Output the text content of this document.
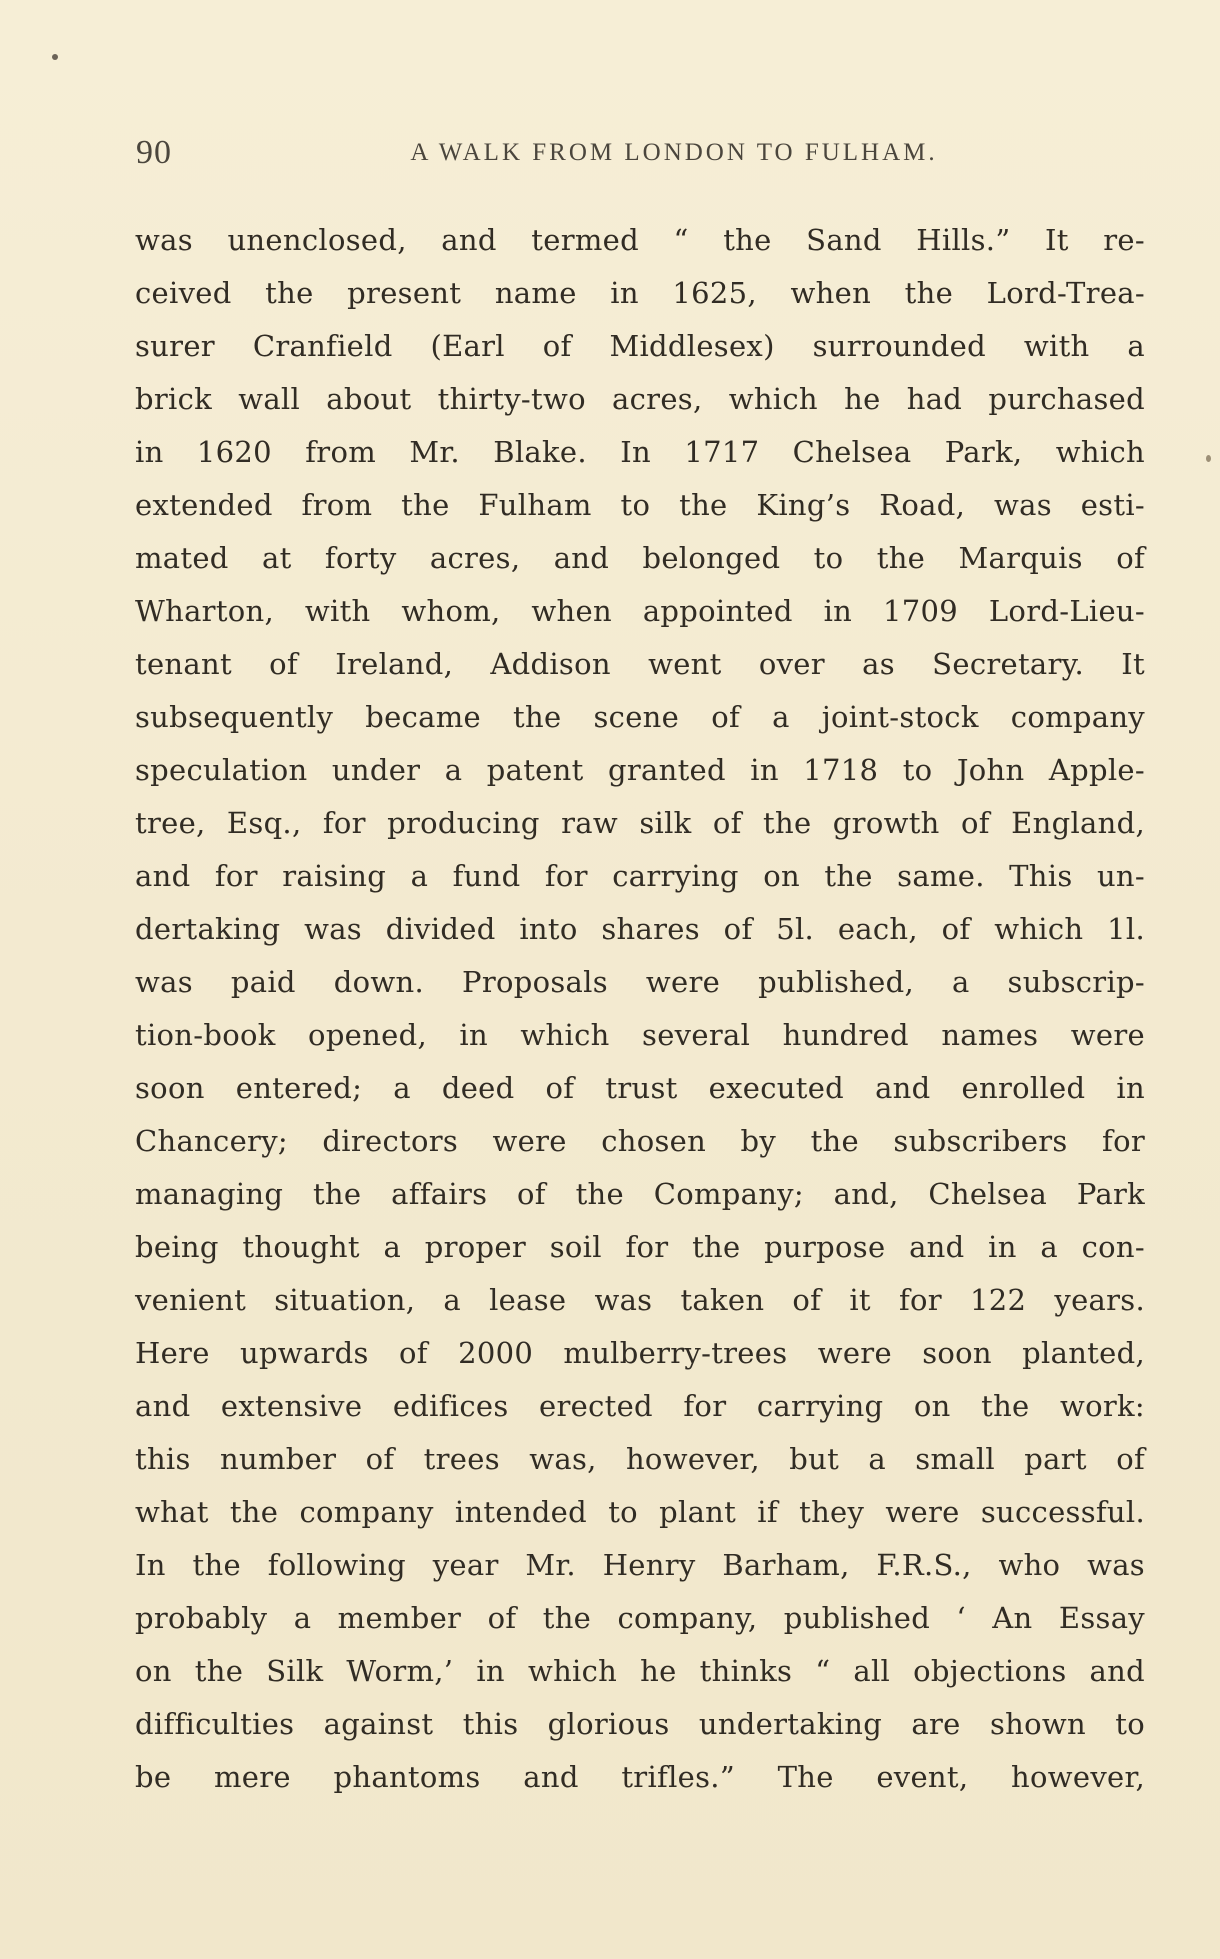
90	A WALK FROM LONDON TO FULHAM.
was unenclosed, and termed “ the Sand Hills.” It re-
ceived the present name in 1625, when the Lord-Trea-
surer Cranfield (Earl of Middlesex) surrounded with a
brick wall about thirty-two acres, which he had purchased
in 1620 from Mr. Blake. In 1717 Chelsea Park, which
extended from the Fulham to the King’s Road, was esti-
mated at forty acres, and belonged to the Marquis of
Wharton, with whom, when appointed in 1709 Lord-Lieu-
tenant of Ireland, Addison went over as Secretary. It
subsequently became the scene of a joint-stock company
speculation under a patent granted in 1718 to John Apple-
tree, Esq., for producing raw silk of the growth of England,
and for raising a fund for carrying on the same. This un-
dertaking was divided into shares of 5l. each, of which 1l.
was paid down. Proposals were published, a subscrip-
tion-book opened, in which several hundred names were
soon entered; a deed of trust executed and enrolled in
Chancery; directors were chosen by the subscribers for
managing the affairs of the Company; and, Chelsea Park
being thought a proper soil for the purpose and in a con-
venient situation, a lease was taken of it for 122 years.
Here upwards of 2000 mulberry-trees were soon planted,
and extensive edifices erected for carrying on the work:
this number of trees was, however, but a small part of
what the company intended to plant if they were successful.
In the following year Mr. Henry Barham, F.R.S., who was
probably a member of the company, published ‘ An Essay
on the Silk Worm,’ in which he thinks “ all objections and
difficulties against this glorious undertaking are shown to
be mere phantoms and trifles.” The event, however,
